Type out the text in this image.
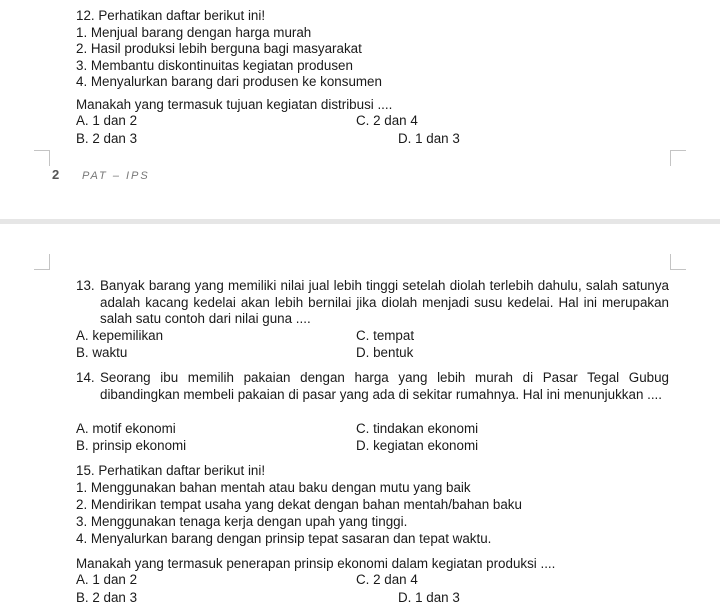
12. Perhatikan daftar berikut ini!
1. Menjual barang dengan harga murah
2. Hasil produksi lebih berguna bagi masyarakat
3. Membantu diskontinuitas kegiatan produsen
4. Menyalurkan barang dari produsen ke konsumen
Manakah yang termasuk tujuan kegiatan distribusi ....
A. 1 dan 2	C. 2 dan 4
B. 2 dan 3	D. 1 dan 3
2 PAT – IPS
13. Banyak barang yang memiliki nilai jual lebih tinggi setelah diolah terlebih dahulu, salah satunya adalah kacang kedelai akan lebih bernilai jika diolah menjadi susu kedelai. Hal ini merupakan salah satu contoh dari nilai guna ....
A. kepemilikan	C. tempat
B. waktu	D. bentuk
14. Seorang ibu memilih pakaian dengan harga yang lebih murah di Pasar Tegal Gubug dibandingkan membeli pakaian di pasar yang ada di sekitar rumahnya. Hal ini menunjukkan ....
A. motif ekonomi	C. tindakan ekonomi
B. prinsip ekonomi	D. kegiatan ekonomi
15. Perhatikan daftar berikut ini!
1. Menggunakan bahan mentah atau baku dengan mutu yang baik
2. Mendirikan tempat usaha yang dekat dengan bahan mentah/bahan baku
3. Menggunakan tenaga kerja dengan upah yang tinggi.
4. Menyalurkan barang dengan prinsip tepat sasaran dan tepat waktu.
Manakah yang termasuk penerapan prinsip ekonomi dalam kegiatan produksi ....
A. 1 dan 2	C. 2 dan 4
B. 2 dan 3	D. 1 dan 3
